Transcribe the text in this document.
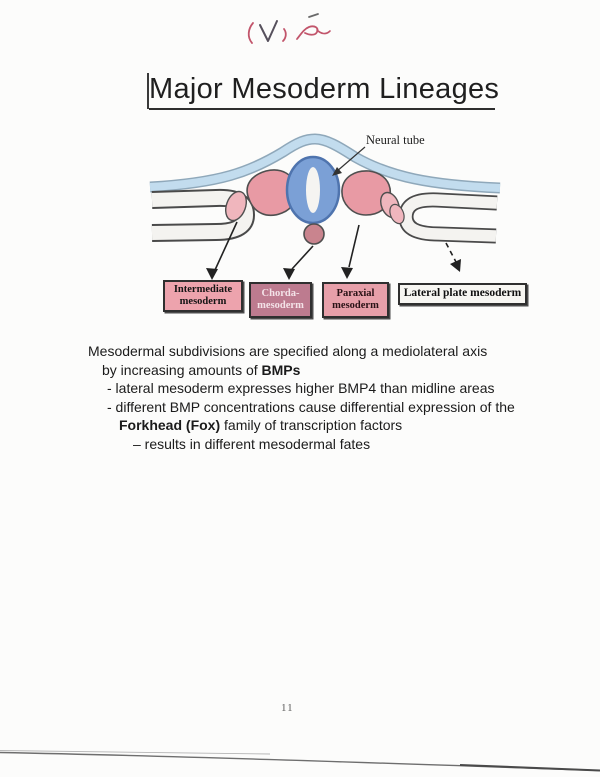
Major Mesoderm Lineages
Neural tube
Intermediate
mesoderm
Chorda-
mesoderm
Paraxial
mesoderm
Lateral plate mesoderm
Mesodermal subdivisions are specified along a mediolateral axis
by increasing amounts of BMPs
- lateral mesoderm expresses higher BMP4 than midline areas
- different BMP concentrations cause differential expression of the
Forkhead (Fox) family of transcription factors
– results in different mesodermal fates
11
